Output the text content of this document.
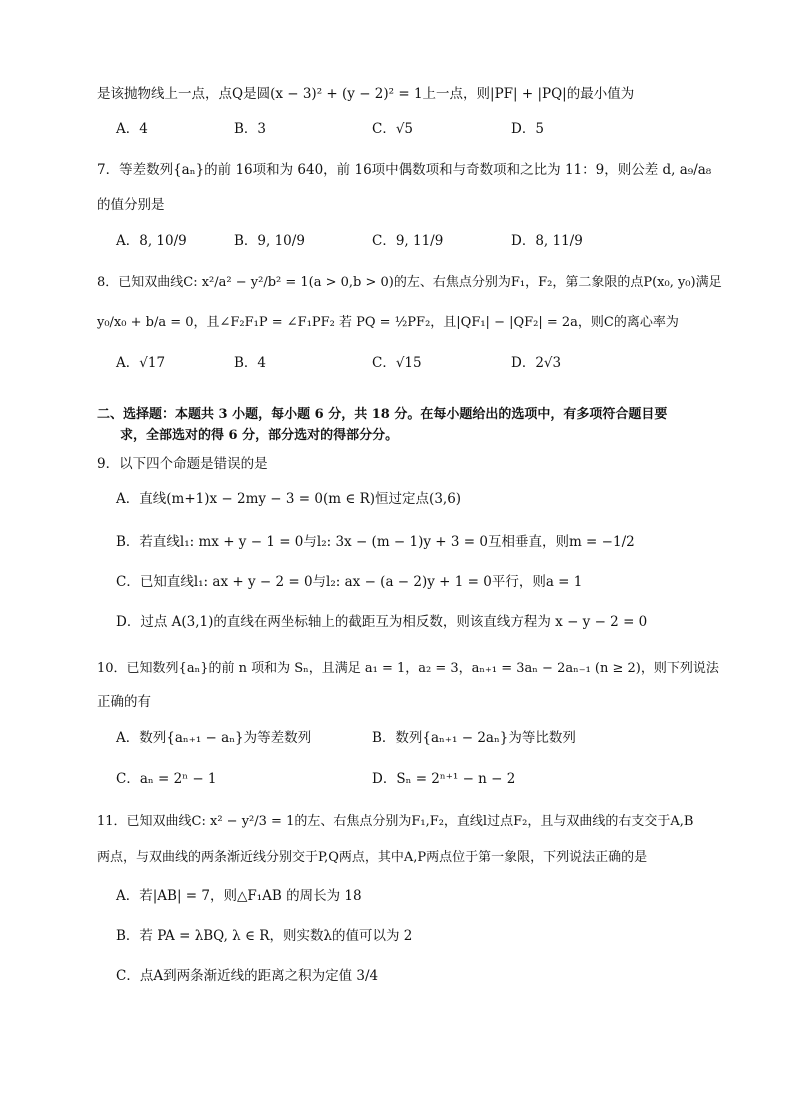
是该抛物线上一点，点Q是圆(x − 3)² + (y − 2)² = 1上一点，则|PF| + |PQ|的最小值为
A．4	B．3	C．√5	D．5
7．等差数列{aₙ}的前 16项和为 640，前 16项中偶数项和与奇数项和之比为 11：9，则公差 d, a₉/a₈
的值分别是
A．8, 10/9	B．9, 10/9	C．9, 11/9	D．8, 11/9
8．已知双曲线C: x²/a² − y²/b² = 1(a > 0,b > 0)的左、右焦点分别为F₁，F₂，第二象限的点P(x₀, y₀)满足
y₀/x₀ + b/a = 0，且∠F₂F₁P = ∠F₁PF₂ 若 PQ = ½PF₂，且|QF₁| − |QF₂| = 2a，则C的离心率为
A．√17	B．4	C．√15	D．2√3
二、选择题：本题共 3 小题，每小题 6 分，共 18 分。在每小题给出的选项中，有多项符合题目要
求，全部选对的得 6 分，部分选对的得部分分。
9．以下四个命题是错误的是
A．直线(m+1)x − 2my − 3 = 0(m ∈ R)恒过定点(3,6)
B．若直线l₁: mx + y − 1 = 0与l₂: 3x − (m − 1)y + 3 = 0互相垂直，则m = −1/2
C．已知直线l₁: ax + y − 2 = 0与l₂: ax − (a − 2)y + 1 = 0平行，则a = 1
D．过点 A(3,1)的直线在两坐标轴上的截距互为相反数，则该直线方程为 x − y − 2 = 0
10．已知数列{aₙ}的前 n 项和为 Sₙ，且满足 a₁ = 1，a₂ = 3，aₙ₊₁ = 3aₙ − 2aₙ₋₁ (n ≥ 2)，则下列说法
正确的有
A．数列{aₙ₊₁ − aₙ}为等差数列	B．数列{aₙ₊₁ − 2aₙ}为等比数列
C．aₙ = 2ⁿ − 1	D．Sₙ = 2ⁿ⁺¹ − n − 2
11．已知双曲线C: x² − y²/3 = 1的左、右焦点分别为F₁,F₂，直线l过点F₂，且与双曲线的右支交于A,B
两点，与双曲线的两条渐近线分别交于P,Q两点，其中A,P两点位于第一象限，下列说法正确的是
A．若|AB| = 7，则△F₁AB 的周长为 18
B．若 PA = λBQ, λ ∈ R，则实数λ的值可以为 2
C．点A到两条渐近线的距离之积为定值 3/4
